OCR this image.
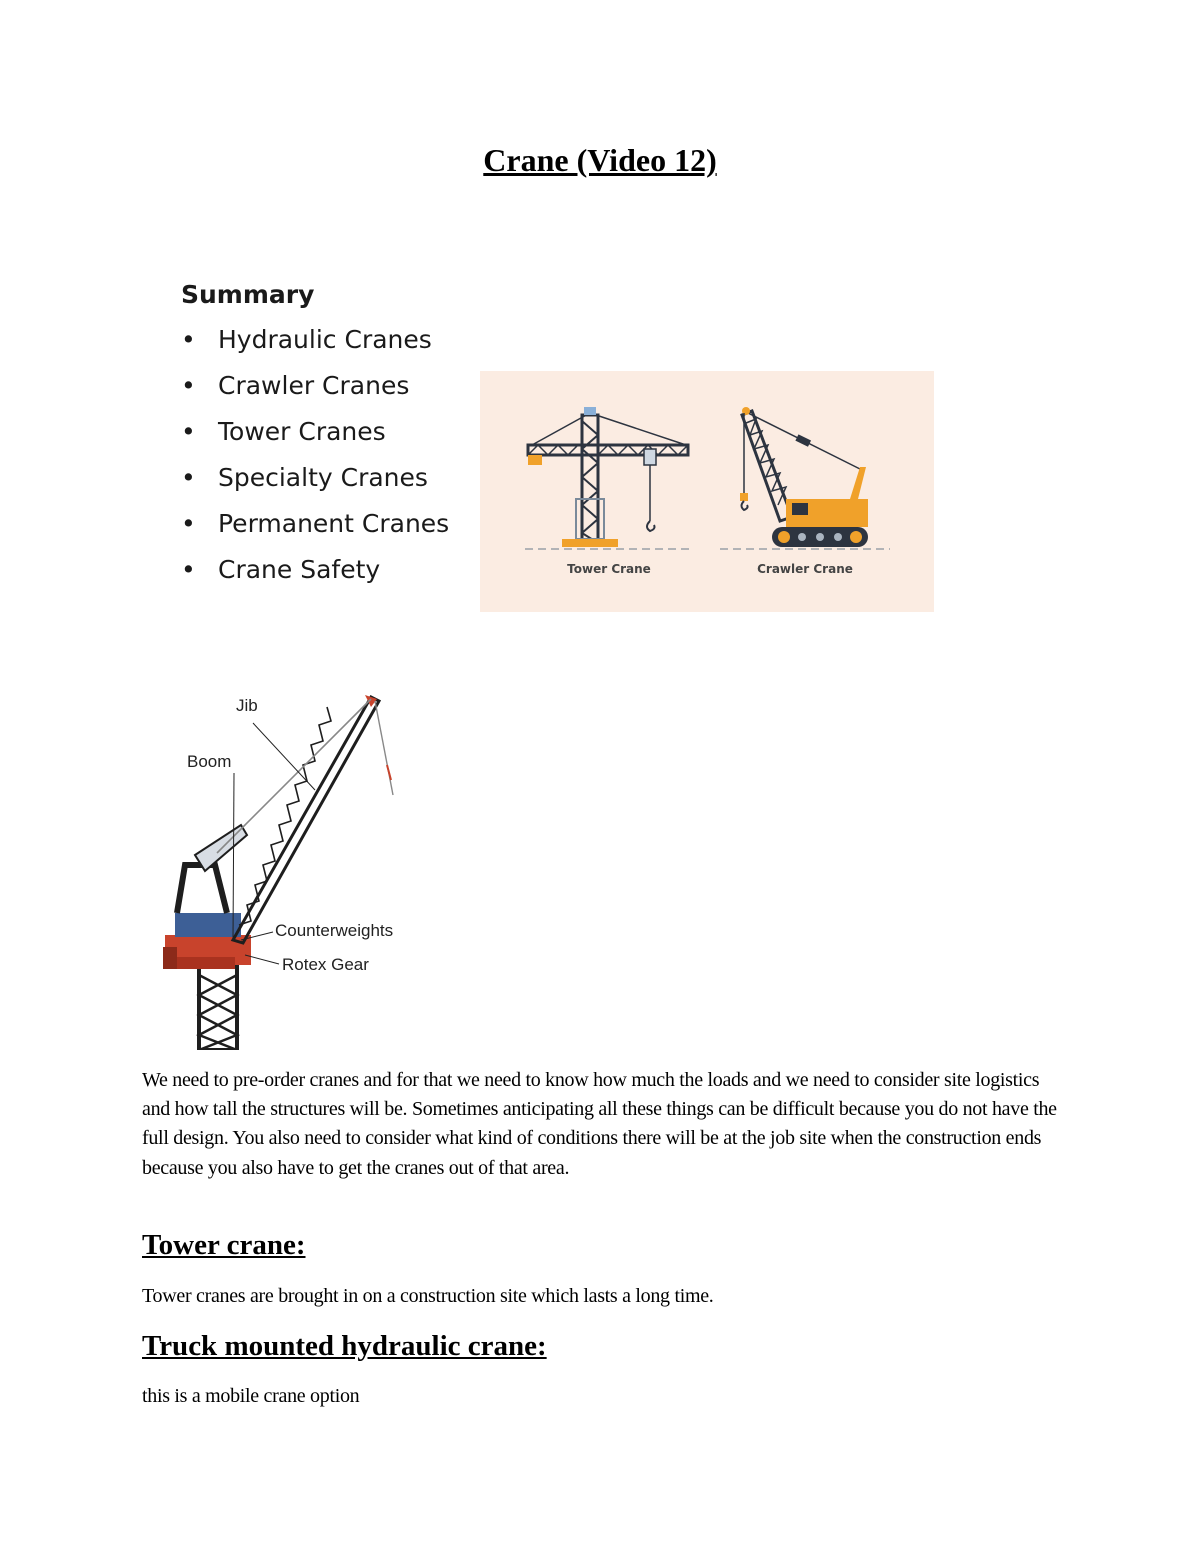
Crane (Video 12)
Summary
• Hydraulic Cranes
• Crawler Cranes
• Tower Cranes
• Specialty Cranes
• Permanent Cranes
• Crane Safety	Tower Crane	Crawler Crane
Jib
Boom
Counterweights
Rotex Gear

We need to pre-order cranes and for that we need to know how much the loads and we need to consider site logistics and how tall the structures will be. Sometimes anticipating all these things can be difficult because you do not have the full design. You also need to consider what kind of conditions there will be at the job site when the construction ends because you also have to get the cranes out of that area.

Tower crane:

Tower cranes are brought in on a construction site which lasts a long time.

Truck mounted hydraulic crane:

this is a mobile crane option
